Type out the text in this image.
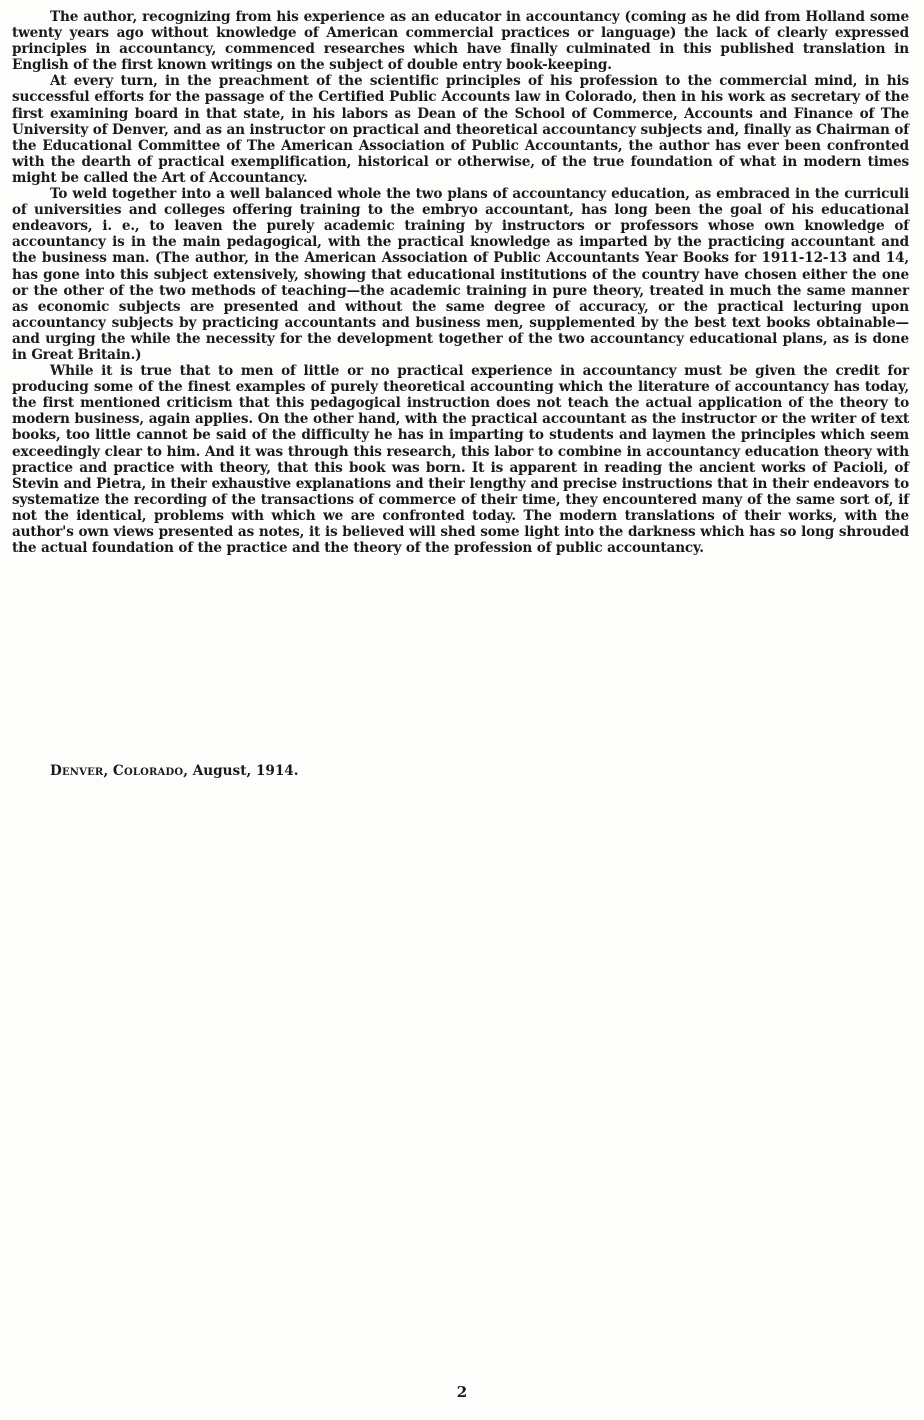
The author, recognizing from his experience as an educator in accountancy (coming as he did from Holland some twenty years ago without knowledge of American commercial practices or language) the lack of clearly expressed principles in accountancy, commenced researches which have finally culminated in this published translation in English of the first known writings on the subject of double entry book-keeping.

At every turn, in the preachment of the scientific principles of his profession to the commercial mind, in his successful efforts for the passage of the Certified Public Accounts law in Colorado, then in his work as secretary of the first examining board in that state, in his labors as Dean of the School of Commerce, Accounts and Finance of The University of Denver, and as an instructor on practical and theoretical accountancy subjects and, finally as Chairman of the Educational Committee of The American Association of Public Accountants, the author has ever been confronted with the dearth of practical exemplification, historical or otherwise, of the true foundation of what in modern times might be called the Art of Accountancy.

To weld together into a well balanced whole the two plans of accountancy education, as embraced in the curriculi of universities and colleges offering training to the embryo accountant, has long been the goal of his educational endeavors, i. e., to leaven the purely academic training by instructors or professors whose own knowledge of accountancy is in the main pedagogical, with the practical knowledge as imparted by the practicing accountant and the business man. (The author, in the American Association of Public Accountants Year Books for 1911-12-13 and 14, has gone into this subject extensively, showing that educational institutions of the country have chosen either the one or the other of the two methods of teaching—the academic training in pure theory, treated in much the same manner as economic subjects are presented and without the same degree of accuracy, or the practical lecturing upon accountancy subjects by practicing accountants and business men, supplemented by the best text books obtainable—and urging the while the necessity for the development together of the two accountancy educational plans, as is done in Great Britain.)

While it is true that to men of little or no practical experience in accountancy must be given the credit for producing some of the finest examples of purely theoretical accounting which the literature of accountancy has today, the first mentioned criticism that this pedagogical instruction does not teach the actual application of the theory to modern business, again applies. On the other hand, with the practical accountant as the instructor or the writer of text books, too little cannot be said of the difficulty he has in imparting to students and laymen the principles which seem exceedingly clear to him. And it was through this research, this labor to combine in accountancy education theory with practice and practice with theory, that this book was born. It is apparent in reading the ancient works of Pacioli, of Stevin and Pietra, in their exhaustive explanations and their lengthy and precise instructions that in their endeavors to systematize the recording of the transactions of commerce of their time, they encountered many of the same sort of, if not the identical, problems with which we are confronted today. The modern translations of their works, with the author's own views presented as notes, it is believed will shed some light into the darkness which has so long shrouded the actual foundation of the practice and the theory of the profession of public accountancy.

Denver, Colorado, August, 1914.
2
